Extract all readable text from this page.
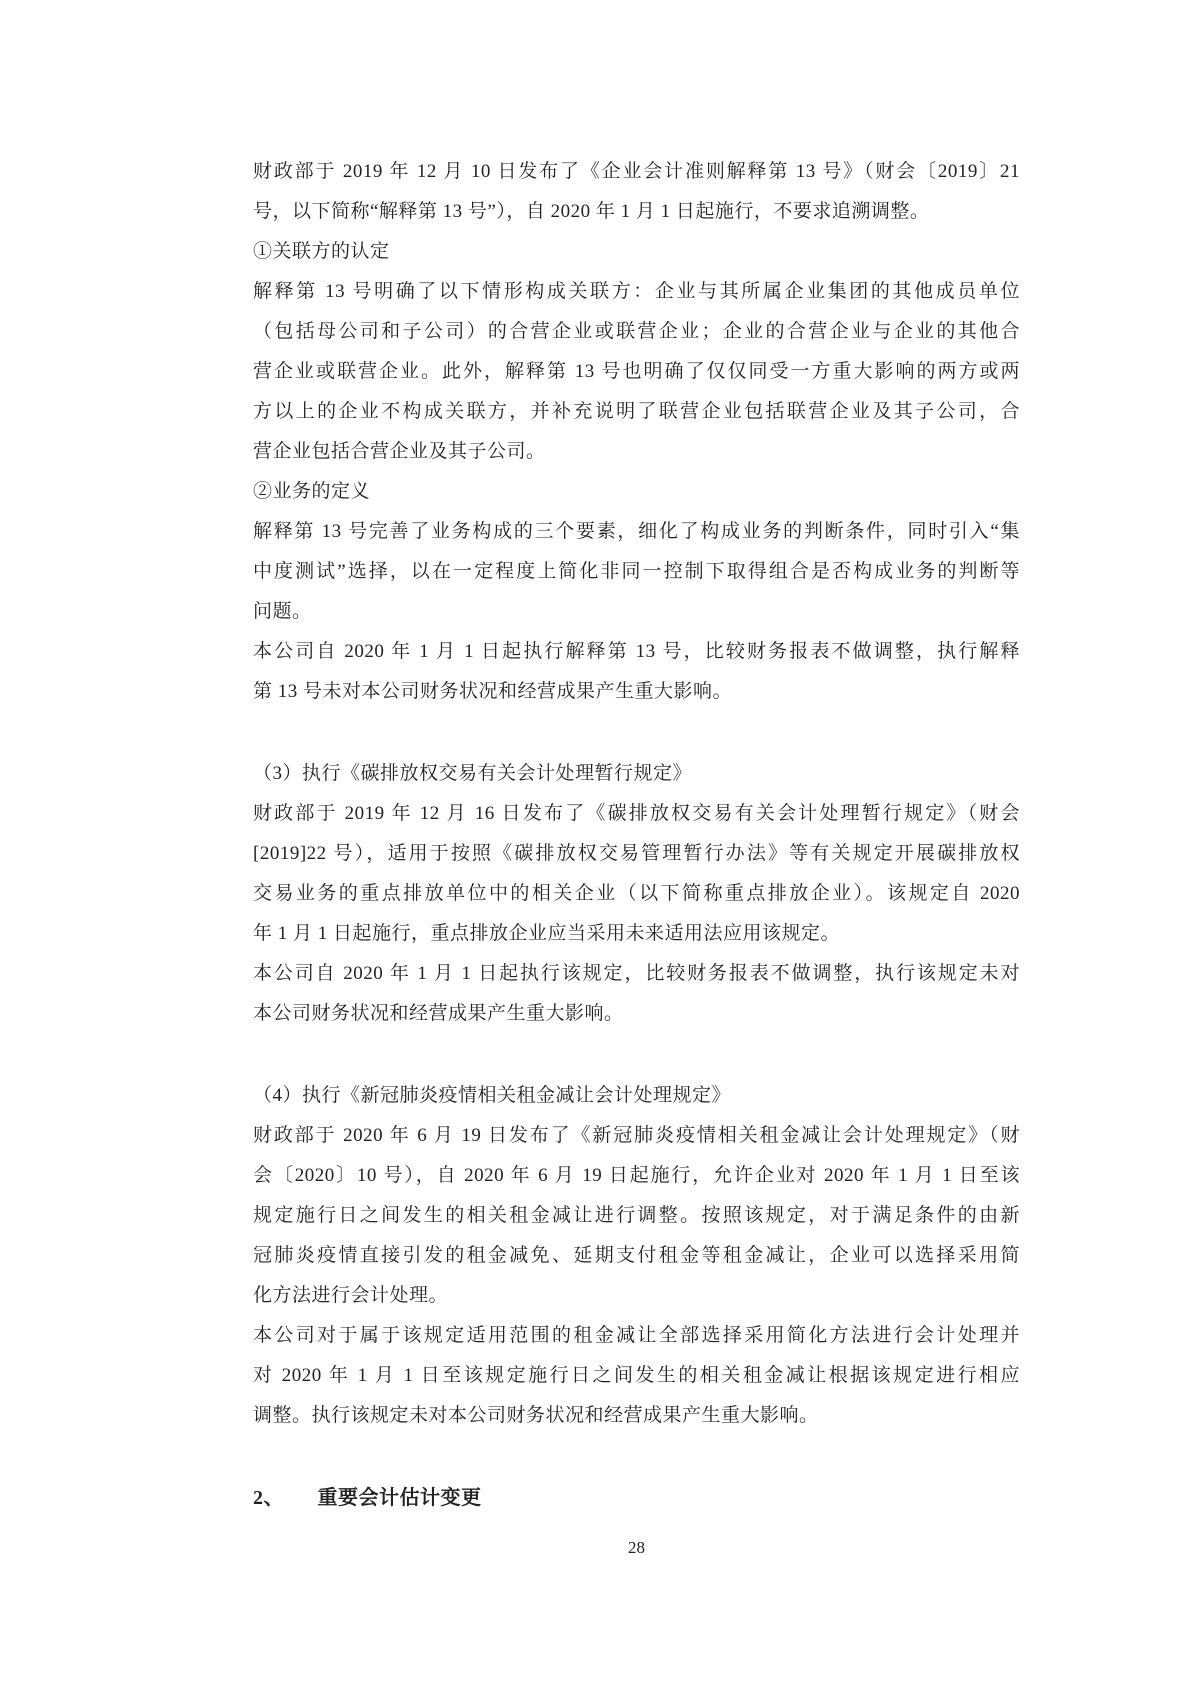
财政部于 2019 年 12 月 10 日发布了《企业会计准则解释第 13 号》（财会〔2019〕21
号，以下简称“解释第 13 号”），自 2020 年 1 月 1 日起施行，不要求追溯调整。
①关联方的认定
解释第 13 号明确了以下情形构成关联方：企业与其所属企业集团的其他成员单位
（包括母公司和子公司）的合营企业或联营企业；企业的合营企业与企业的其他合
营企业或联营企业。此外，解释第 13 号也明确了仅仅同受一方重大影响的两方或两
方以上的企业不构成关联方，并补充说明了联营企业包括联营企业及其子公司，合
营企业包括合营企业及其子公司。
②业务的定义
解释第 13 号完善了业务构成的三个要素，细化了构成业务的判断条件，同时引入“集
中度测试”选择，以在一定程度上简化非同一控制下取得组合是否构成业务的判断等
问题。
本公司自 2020 年 1 月 1 日起执行解释第 13 号，比较财务报表不做调整，执行解释
第 13 号未对本公司财务状况和经营成果产生重大影响。
（3）执行《碳排放权交易有关会计处理暂行规定》
财政部于 2019 年 12 月 16 日发布了《碳排放权交易有关会计处理暂行规定》（财会
[2019]22 号），适用于按照《碳排放权交易管理暂行办法》等有关规定开展碳排放权
交易业务的重点排放单位中的相关企业（以下简称重点排放企业）。该规定自 2020
年 1 月 1 日起施行，重点排放企业应当采用未来适用法应用该规定。
本公司自 2020 年 1 月 1 日起执行该规定，比较财务报表不做调整，执行该规定未对
本公司财务状况和经营成果产生重大影响。
（4）执行《新冠肺炎疫情相关租金减让会计处理规定》
财政部于 2020 年 6 月 19 日发布了《新冠肺炎疫情相关租金减让会计处理规定》（财
会〔2020〕10 号），自 2020 年 6 月 19 日起施行，允许企业对 2020 年 1 月 1 日至该
规定施行日之间发生的相关租金减让进行调整。按照该规定，对于满足条件的由新
冠肺炎疫情直接引发的租金减免、延期支付租金等租金减让，企业可以选择采用简
化方法进行会计处理。
本公司对于属于该规定适用范围的租金减让全部选择采用简化方法进行会计处理并
对 2020 年 1 月 1 日至该规定施行日之间发生的相关租金减让根据该规定进行相应
调整。执行该规定未对本公司财务状况和经营成果产生重大影响。
2、 重要会计估计变更
28
